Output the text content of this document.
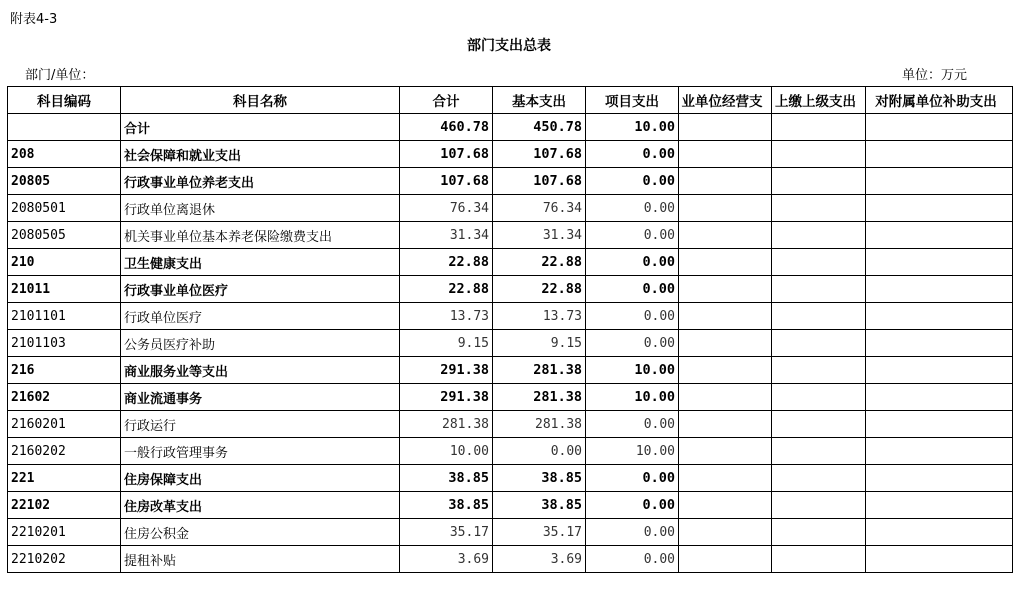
附表4-3
部门支出总表
部门/单位：	单位：万元
科目编码	科目名称	合计	基本支出	项目支出	业单位经营支	上缴上级支出	对附属单位补助支出
	合计	460.78	450.78	10.00			
208	社会保障和就业支出	107.68	107.68	0.00			
20805	行政事业单位养老支出	107.68	107.68	0.00			
2080501	行政单位离退休	76.34	76.34	0.00			
2080505	机关事业单位基本养老保险缴费支出	31.34	31.34	0.00			
210	卫生健康支出	22.88	22.88	0.00			
21011	行政事业单位医疗	22.88	22.88	0.00			
2101101	行政单位医疗	13.73	13.73	0.00			
2101103	公务员医疗补助	9.15	9.15	0.00			
216	商业服务业等支出	291.38	281.38	10.00			
21602	商业流通事务	291.38	281.38	10.00			
2160201	行政运行	281.38	281.38	0.00			
2160202	一般行政管理事务	10.00	0.00	10.00			
221	住房保障支出	38.85	38.85	0.00			
22102	住房改革支出	38.85	38.85	0.00			
2210201	住房公积金	35.17	35.17	0.00			
2210202	提租补贴	3.69	3.69	0.00			
